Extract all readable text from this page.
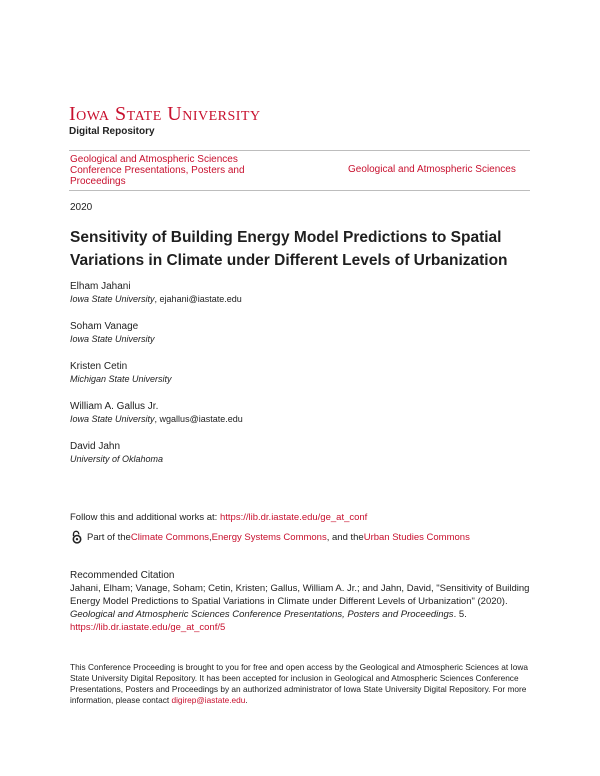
Iowa State University
Digital Repository
Geological and Atmospheric Sciences
Conference Presentations, Posters and
Proceedings
Geological and Atmospheric Sciences
2020
Sensitivity of Building Energy Model Predictions to Spatial Variations in Climate under Different Levels of Urbanization
Elham Jahani
Iowa State University, ejahani@iastate.edu
Soham Vanage
Iowa State University
Kristen Cetin
Michigan State University
William A. Gallus Jr.
Iowa State University, wgallus@iastate.edu
David Jahn
University of Oklahoma
Follow this and additional works at: https://lib.dr.iastate.edu/ge_at_conf
Part of the Climate Commons , Energy Systems Commons , and the Urban Studies Commons
Recommended Citation
Jahani, Elham; Vanage, Soham; Cetin, Kristen; Gallus, William A. Jr.; and Jahn, David, "Sensitivity of Building Energy Model Predictions to Spatial Variations in Climate under Different Levels of Urbanization" (2020). Geological and Atmospheric Sciences Conference Presentations, Posters and Proceedings. 5.
https://lib.dr.iastate.edu/ge_at_conf/5
This Conference Proceeding is brought to you for free and open access by the Geological and Atmospheric Sciences at Iowa State University Digital Repository. It has been accepted for inclusion in Geological and Atmospheric Sciences Conference Presentations, Posters and Proceedings by an authorized administrator of Iowa State University Digital Repository. For more information, please contact digirep@iastate.edu.
